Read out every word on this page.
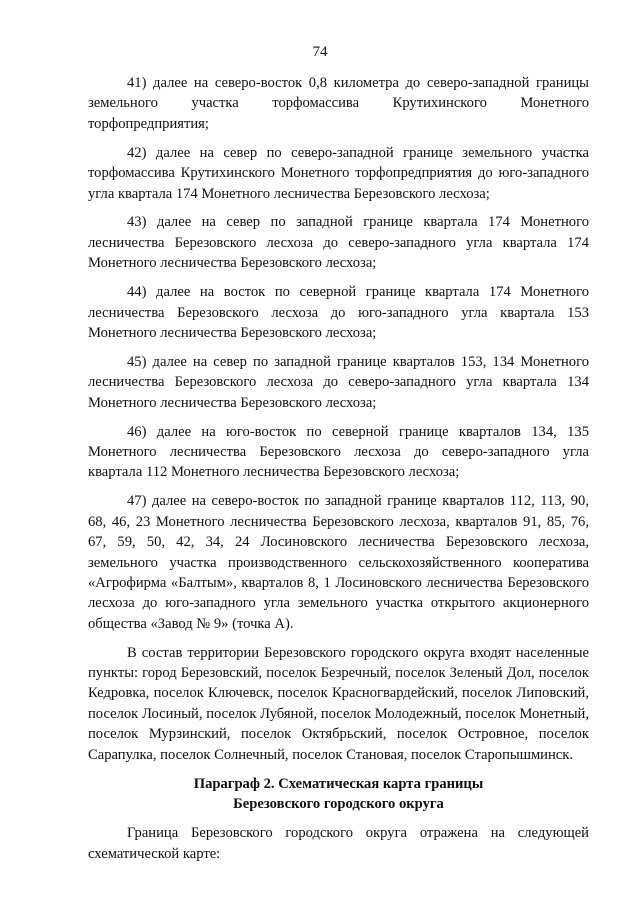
74

41) далее на северо-восток 0,8 километра до северо-западной границы земельного участка торфомассива Крутихинского Монетного торфопредприятия;

42) далее на север по северо-западной границе земельного участка торфомассива Крутихинского Монетного торфопредприятия до юго-западного угла квартала 174 Монетного лесничества Березовского лесхоза;

43) далее на север по западной границе квартала 174 Монетного лесничества Березовского лесхоза до северо-западного угла квартала 174 Монетного лесничества Березовского лесхоза;

44) далее на восток по северной границе квартала 174 Монетного лесничества Березовского лесхоза до юго-западного угла квартала 153 Монетного лесничества Березовского лесхоза;

45) далее на север по западной границе кварталов 153, 134 Монетного лесничества Березовского лесхоза до северо-западного угла квартала 134 Монетного лесничества Березовского лесхоза;

46) далее на юго-восток по северной границе кварталов 134, 135 Монетного лесничества Березовского лесхоза до северо-западного угла квартала 112 Монетного лесничества Березовского лесхоза;

47) далее на северо-восток по западной границе кварталов 112, 113, 90, 68, 46, 23 Монетного лесничества Березовского лесхоза, кварталов 91, 85, 76, 67, 59, 50, 42, 34, 24 Лосиновского лесничества Березовского лесхоза, земельного участка производственного сельскохозяйственного кооператива «Агрофирма «Балтым», кварталов 8, 1 Лосиновского лесничества Березовского лесхоза до юго-западного угла земельного участка открытого акционерного общества «Завод № 9» (точка А).

В состав территории Березовского городского округа входят населенные пункты: город Березовский, поселок Безречный, поселок Зеленый Дол, поселок Кедровка, поселок Ключевск, поселок Красногвардейский, поселок Липовский, поселок Лосиный, поселок Лубяной, поселок Молодежный, поселок Монетный, поселок Мурзинский, поселок Октябрьский, поселок Островное, поселок Сарапулка, поселок Солнечный, поселок Становая, поселок Старопышминск.

Параграф 2. Схематическая карта границы
Березовского городского округа

Граница Березовского городского округа отражена на следующей схематической карте:
